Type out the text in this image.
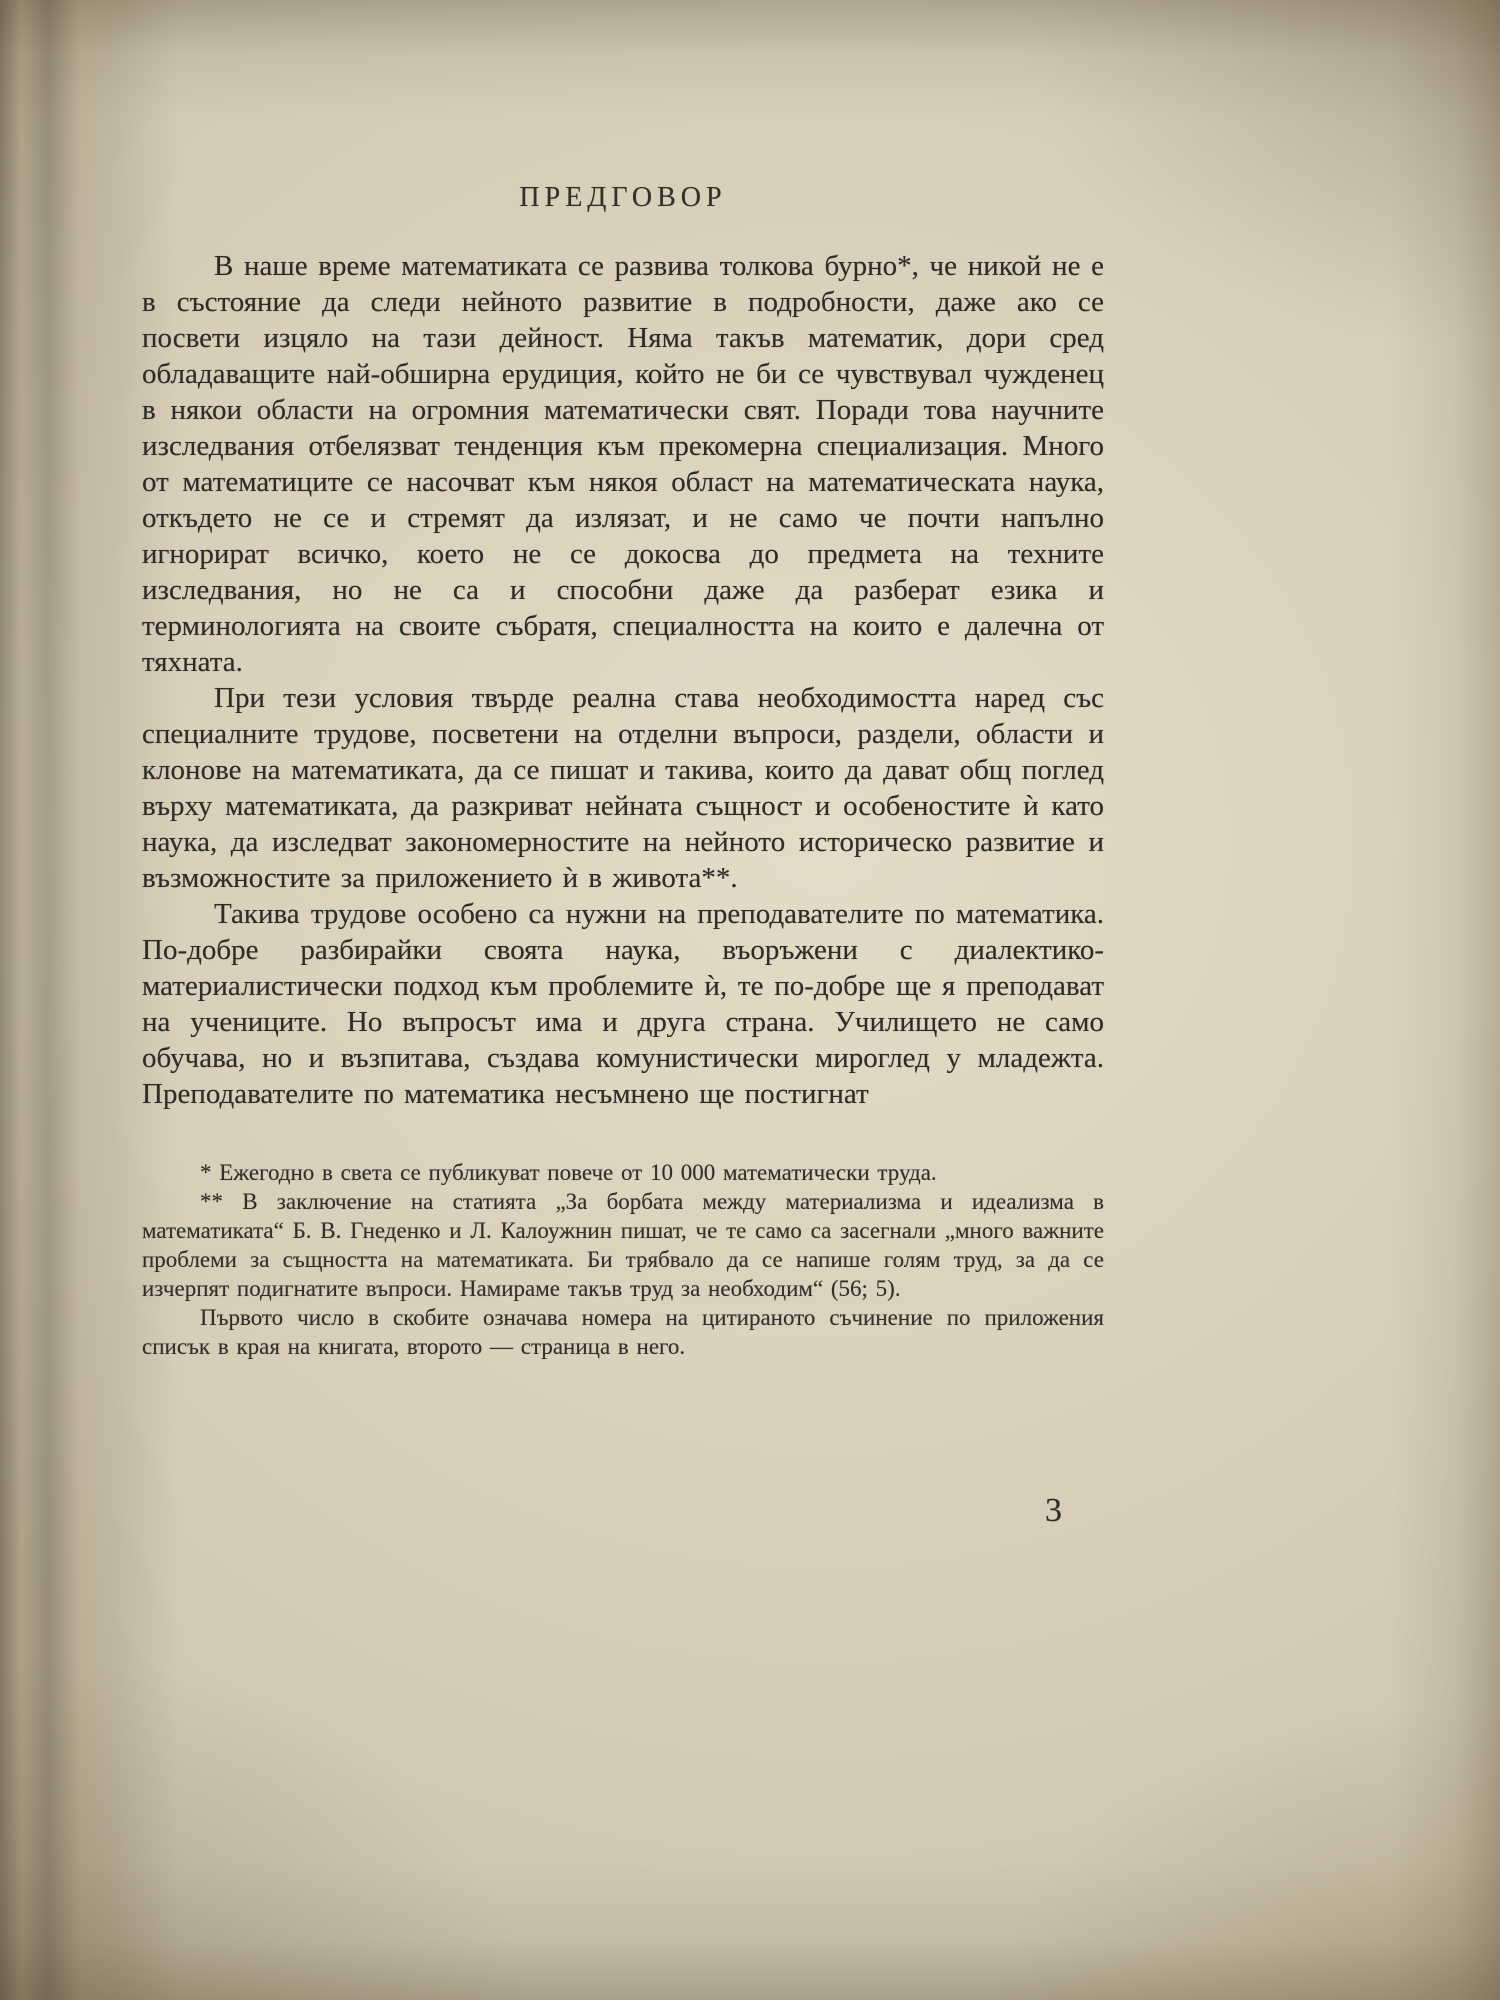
ПРЕДГОВОР

В наше време математиката се развива толкова бурно*, че никой не е в състояние да следи нейното развитие в подробности, даже ако се посвети изцяло на тази дейност. Няма такъв математик, дори сред обладаващите най-обширна ерудиция, който не би се чувствувал чужденец в някои области на огромния математически свят. Поради това научните изследвания отбелязват тенденция към прекомерна специализация. Много от математиците се насочват към някоя област на математическата наука, откъдето не се и стремят да излязат, и не само че почти напълно игнорират всичко, което не се докосва до предмета на техните изследвания, но не са и способни даже да разберат езика и терминологията на своите събратя, специалността на които е далечна от тяхната.

При тези условия твърде реална става необходимостта наред със специалните трудове, посветени на отделни въпроси, раздели, области и клонове на математиката, да се пишат и такива, които да дават общ поглед върху математиката, да разкриват нейната същност и особеностите ѝ като наука, да изследват закономерностите на нейното историческо развитие и възможностите за приложението ѝ в живота**.

Такива трудове особено са нужни на преподавателите по математика. По-добре разбирайки своята наука, въоръжени с диалектико-материалистически подход към проблемите ѝ, те по-добре ще я преподават на учениците. Но въпросът има и друга страна. Училището не само обучава, но и възпитава, създава комунистически мироглед у младежта. Преподавателите по математика несъмнено ще постигнат

* Ежегодно в света се публикуват повече от 10 000 математически труда.

** В заключение на статията „За борбата между материализма и идеализма в математиката“ Б. В. Гнеденко и Л. Калоужнин пишат, че те само са засегнали „много важните проблеми за същността на математиката. Би трябвало да се напише голям труд, за да се изчерпят подигнатите въпроси. Намираме такъв труд за необходим“ (56; 5).

Първото число в скобите означава номера на цитираното съчинение по приложения списък в края на книгата, второто — страница в него.

3
